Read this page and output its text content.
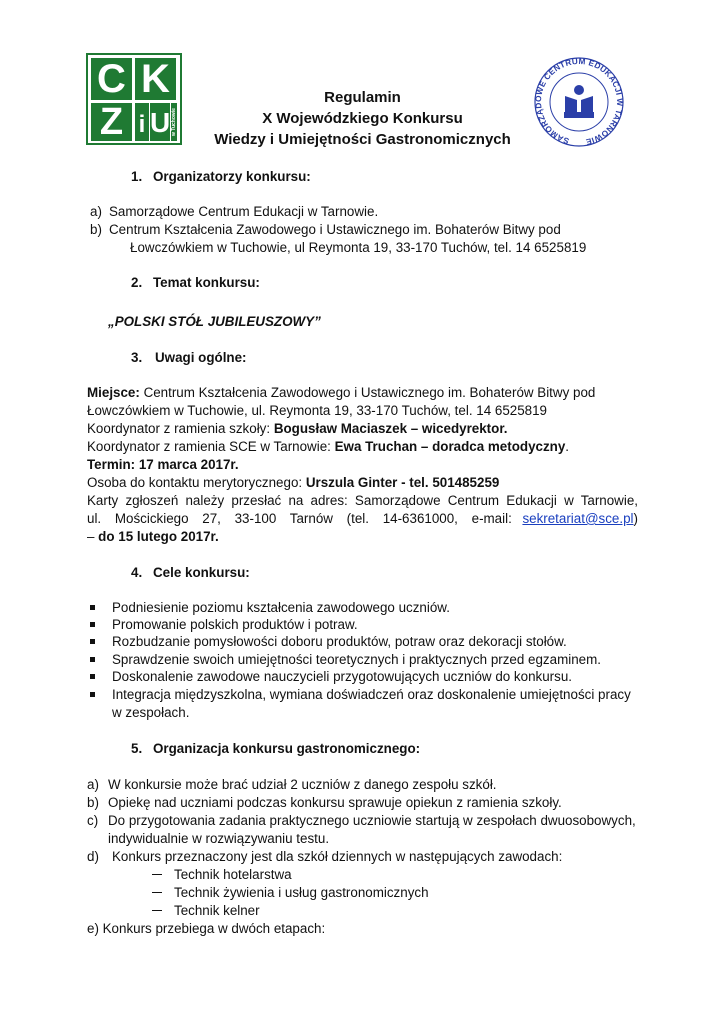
C K
Z i U w Tuchowie
SAMORZĄDOWE CENTRUM EDUKACJI W TARNOWIE
Regulamin
X Wojewódzkiego Konkursu
Wiedzy i Umiejętności Gastronomicznych
1. Organizatorzy konkursu:
a) Samorządowe Centrum Edukacji w Tarnowie.
b) Centrum Kształcenia Zawodowego i Ustawicznego im. Bohaterów Bitwy pod
Łowczówkiem w Tuchowie, ul Reymonta 19, 33-170 Tuchów, tel. 14 6525819
2. Temat konkursu:
„POLSKI STÓŁ JUBILEUSZOWY”
3. Uwagi ogólne:
Miejsce: Centrum Kształcenia Zawodowego i Ustawicznego im. Bohaterów Bitwy pod
Łowczówkiem w Tuchowie, ul. Reymonta 19, 33-170 Tuchów, tel. 14 6525819
Koordynator z ramienia szkoły: Bogusław Maciaszek – wicedyrektor.
Koordynator z ramienia SCE w Tarnowie: Ewa Truchan – doradca metodyczny.
Termin: 17 marca 2017r.
Osoba do kontaktu merytorycznego: Urszula Ginter - tel. 501485259
Karty zgłoszeń należy przesłać na adres: Samorządowe Centrum Edukacji w Tarnowie,
ul. Mościckiego 27, 33-100 Tarnów (tel. 14-6361000, e-mail: sekretariat@sce.pl)
– do 15 lutego 2017r.
4. Cele konkursu:
Podniesienie poziomu kształcenia zawodowego uczniów.
Promowanie polskich produktów i potraw.
Rozbudzanie pomysłowości doboru produktów, potraw oraz dekoracji stołów.
Sprawdzenie swoich umiejętności teoretycznych i praktycznych przed egzaminem.
Doskonalenie zawodowe nauczycieli przygotowujących uczniów do konkursu.
Integracja międzyszkolna, wymiana doświadczeń oraz doskonalenie umiejętności pracy
w zespołach.
5. Organizacja konkursu gastronomicznego:
a) W konkursie może brać udział 2 uczniów z danego zespołu szkół.
b) Opiekę nad uczniami podczas konkursu sprawuje opiekun z ramienia szkoły.
c) Do przygotowania zadania praktycznego uczniowie startują w zespołach dwuosobowych,
indywidualnie w rozwiązywaniu testu.
d) Konkurs przeznaczony jest dla szkół dziennych w następujących zawodach:
Technik hotelarstwa
Technik żywienia i usług gastronomicznych
Technik kelner
e) Konkurs przebiega w dwóch etapach:
